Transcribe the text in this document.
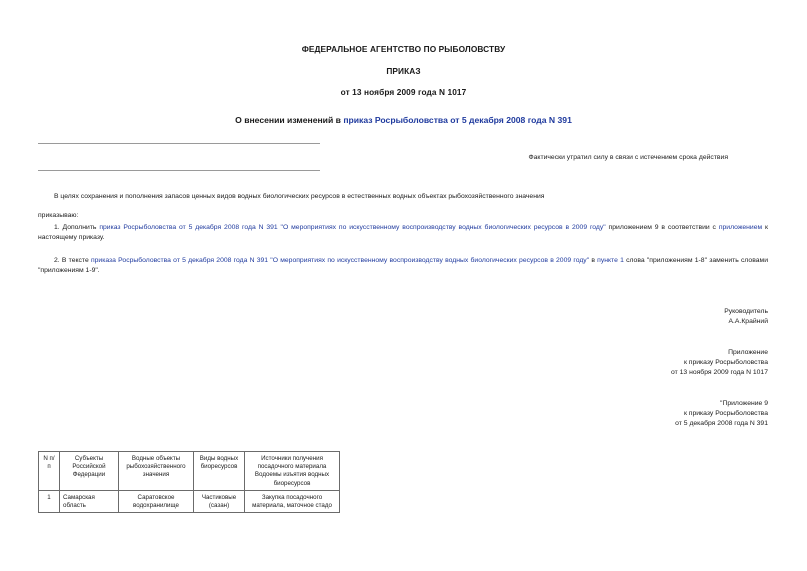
ФЕДЕРАЛЬНОЕ АГЕНТСТВО ПО РЫБОЛОВСТВУ
ПРИКАЗ
от 13 ноября 2009 года N 1017
О внесении изменений в приказ Росрыболовства от 5 декабря 2008 года N 391
Фактически утратил силу в связи с истечением срока действия
В целях сохранения и пополнения запасов ценных видов водных биологических ресурсов в естественных водных объектах рыбохозяйственного значения
приказываю:
1. Дополнить приказ Росрыболовства от 5 декабря 2008 года N 391 "О мероприятиях по искусственному воспроизводству водных биологических ресурсов в 2009 году" приложением 9 в соответствии с приложением к настоящему приказу.
2. В тексте приказа Росрыболовства от 5 декабря 2008 года N 391 "О мероприятиях по искусственному воспроизводству водных биологических ресурсов в 2009 году" в пункте 1 слова "приложениям 1-8" заменить словами "приложениям 1-9".
Руководитель
А.А.Крайний
Приложение
к приказу Росрыболовства
от 13 ноября 2009 года N 1017
"Приложение 9
к приказу Росрыболовства
от 5 декабря 2008 года N 391
N п/п	Субъекты Российской Федерации	Водные объекты рыбохозяйственного значения	Виды водных биоресурсов	Источники получения посадочного материала Водоемы изъятия водных биоресурсов
1	Самарская область	Саратовское водохранилище	Частиковые (сазан)	Закупка посадочного материала, маточное стадо
